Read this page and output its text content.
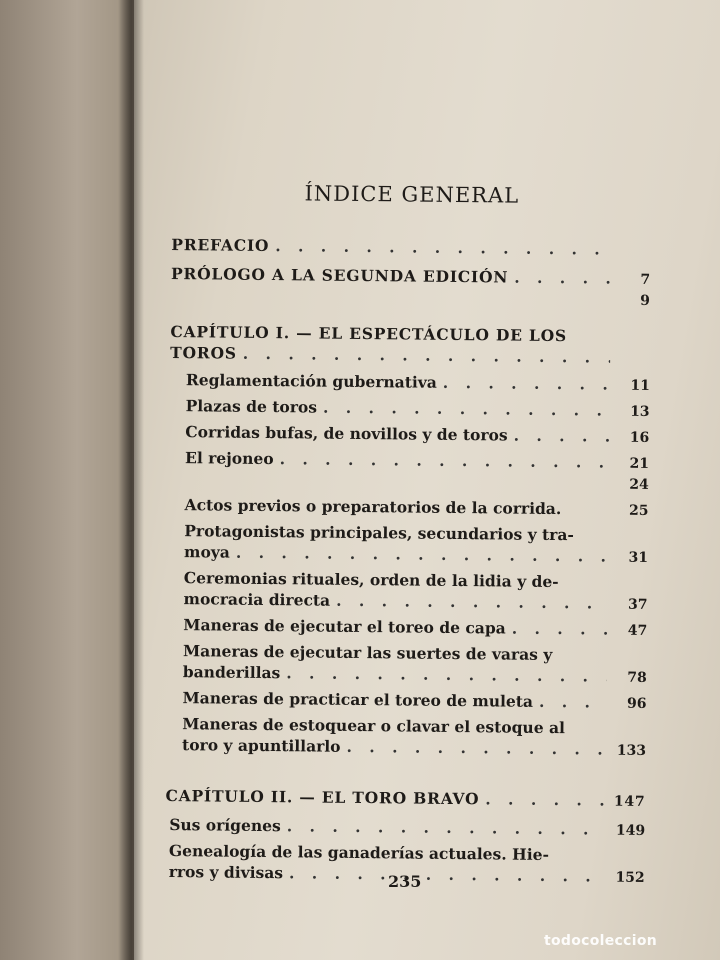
ÍNDICE GENERAL
PREFACIO
. . .
PRÓLOGO A LA SEGUNDA EDICIÓN . . .	7
9
CAPÍTULO I. — EL ESPECTÁCULO DE LOS
TOROS
. . .
Reglamentación gubernativa . . .	11
Plazas de toros . . .	13
Corridas bufas, de novillos y de toros . . .	16
El rejoneo . . .	21
24
Actos previos o preparatorios de la corrida.	25
Protagonistas principales, secundarios y tra-
moya . . .	31
Ceremonias rituales, orden de la lidia y de-
mocracia directa . . .	37
Maneras de ejecutar el toreo de capa . . .	47
Maneras de ejecutar las suertes de varas y
banderillas . . .	78
Maneras de practicar el toreo de muleta . . .	96
Maneras de estoquear o clavar el estoque al
toro y apuntillarlo . . .	133
CAPÍTULO II. — EL TORO BRAVO . . .	147
Sus orígenes . . .	149
Genealogía de las ganaderías actuales. Hie-
rros y divisas . . .	152
235
todocoleccion
